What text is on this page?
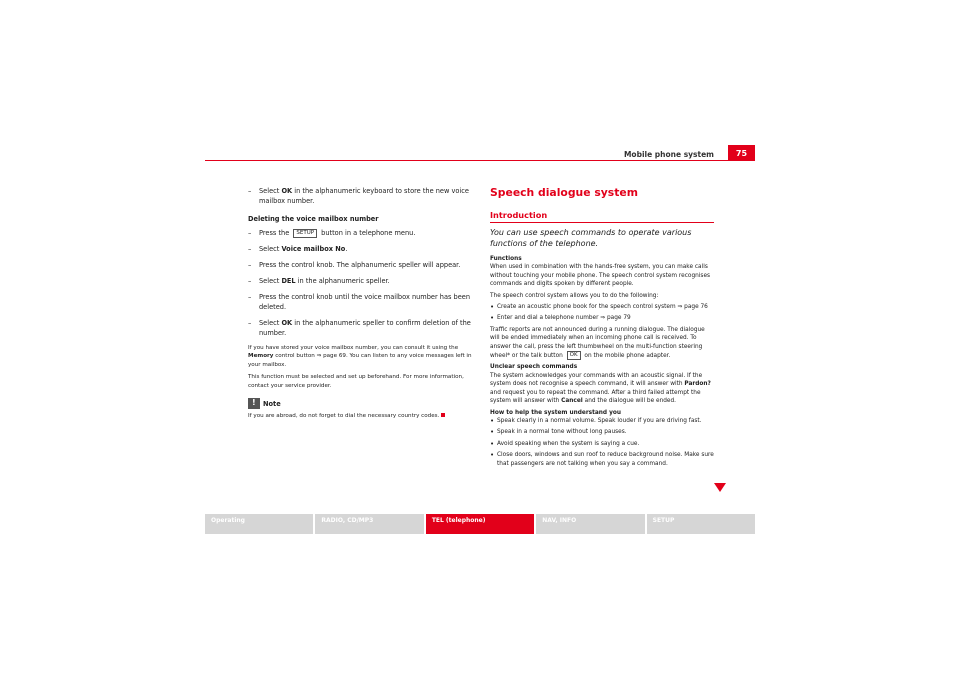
Mobile phone system	75
– Select OK in the alphanumeric keyboard to store the new voice mailbox number.
Deleting the voice mailbox number
– Press the SETUP button in a telephone menu.
– Select Voice mailbox No.
– Press the control knob. The alphanumeric speller will appear.
– Select DEL in the alphanumeric speller.
– Press the control knob until the voice mailbox number has been deleted.
– Select OK in the alphanumeric speller to confirm deletion of the number.

If you have stored your voice mailbox number, you can consult it using the Memory control button ⇒ page 69. You can listen to any voice messages left in your mailbox.

This function must be selected and set up beforehand. For more information, contact your service provider.

!
Note

If you are abroad, do not forget to dial the necessary country codes.

Speech dialogue system
Introduction
You can use speech commands to operate various functions of the telephone.
Functions

When used in combination with the hands-free system, you can make calls without touching your mobile phone. The speech control system recognises commands and digits spoken by different people.

The speech control system allows you to do the following:

• Create an acoustic phone book for the speech control system ⇒ page 76
• Enter and dial a telephone number ⇒ page 79

Traffic reports are not announced during a running dialogue. The dialogue will be ended immediately when an incoming phone call is received. To answer the call, press the left thumbwheel on the multi-function steering wheel* or the talk button OK on the mobile phone adapter.

Unclear speech commands

The system acknowledges your commands with an acoustic signal. If the system does not recognise a speech command, it will answer with Pardon? and request you to repeat the command. After a third failed attempt the system will answer with Cancel and the dialogue will be ended.

How to help the system understand you
• Speak clearly in a normal volume. Speak louder if you are driving fast.
• Speak in a normal tone without long pauses.
• Avoid speaking when the system is saying a cue.
• Close doors, windows and sun roof to reduce background noise. Make sure that passengers are not talking when you say a command.
Operating	RADIO, CD/MP3	TEL (telephone)	NAV, INFO	SETUP
